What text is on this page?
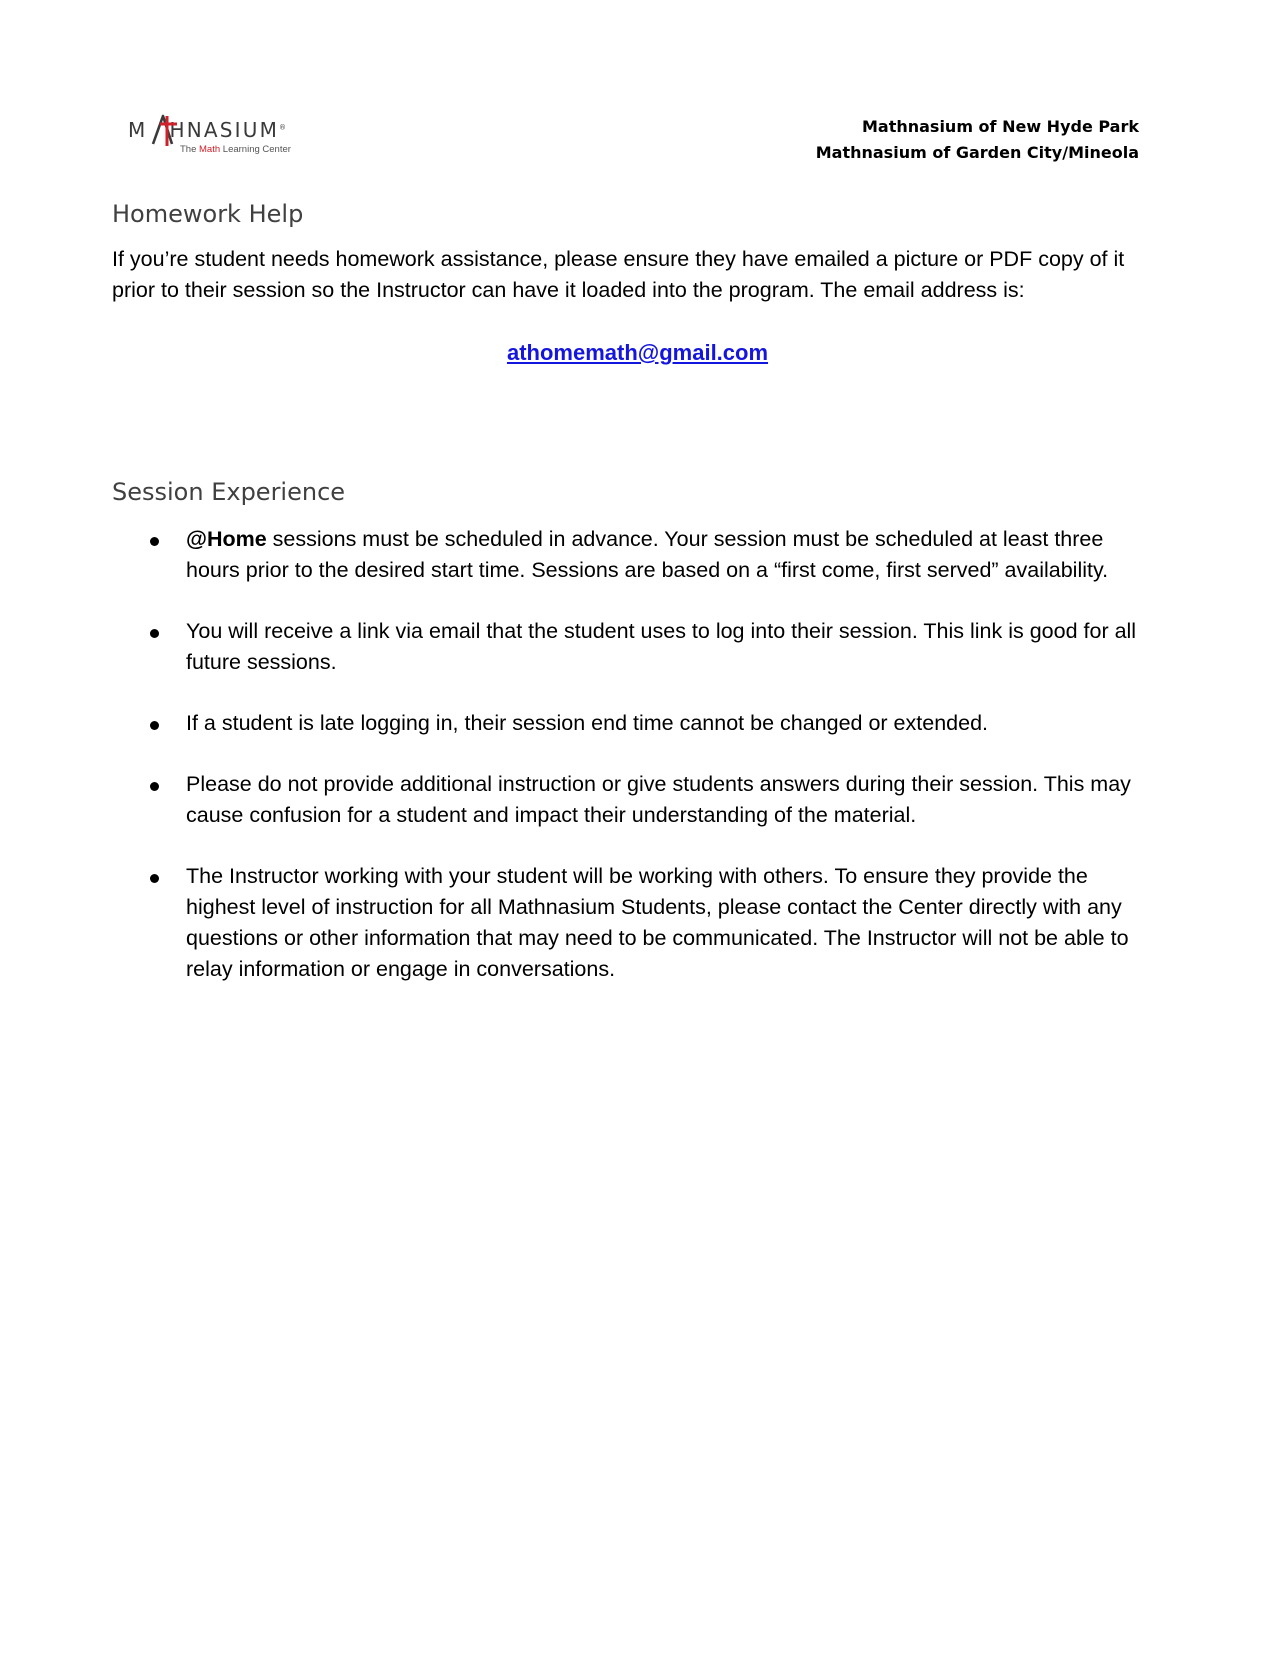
M HNASIUM®
The Math Learning Center
Mathnasium of New Hyde Park
Mathnasium of Garden City/Mineola
Homework Help
If you’re student needs homework assistance, please ensure they have emailed a picture or PDF copy of it prior to their session so the Instructor can have it loaded into the program. The email address is:
athomemath@gmail.com
Session Experience
@Home sessions must be scheduled in advance. Your session must be scheduled at least three hours prior to the desired start time. Sessions are based on a “first come, first served” availability.
You will receive a link via email that the student uses to log into their session. This link is good for all future sessions.
If a student is late logging in, their session end time cannot be changed or extended.
Please do not provide additional instruction or give students answers during their session. This may cause confusion for a student and impact their understanding of the material.
The Instructor working with your student will be working with others. To ensure they provide the highest level of instruction for all Mathnasium Students, please contact the Center directly with any questions or other information that may need to be communicated. The Instructor will not be able to relay information or engage in conversations.
